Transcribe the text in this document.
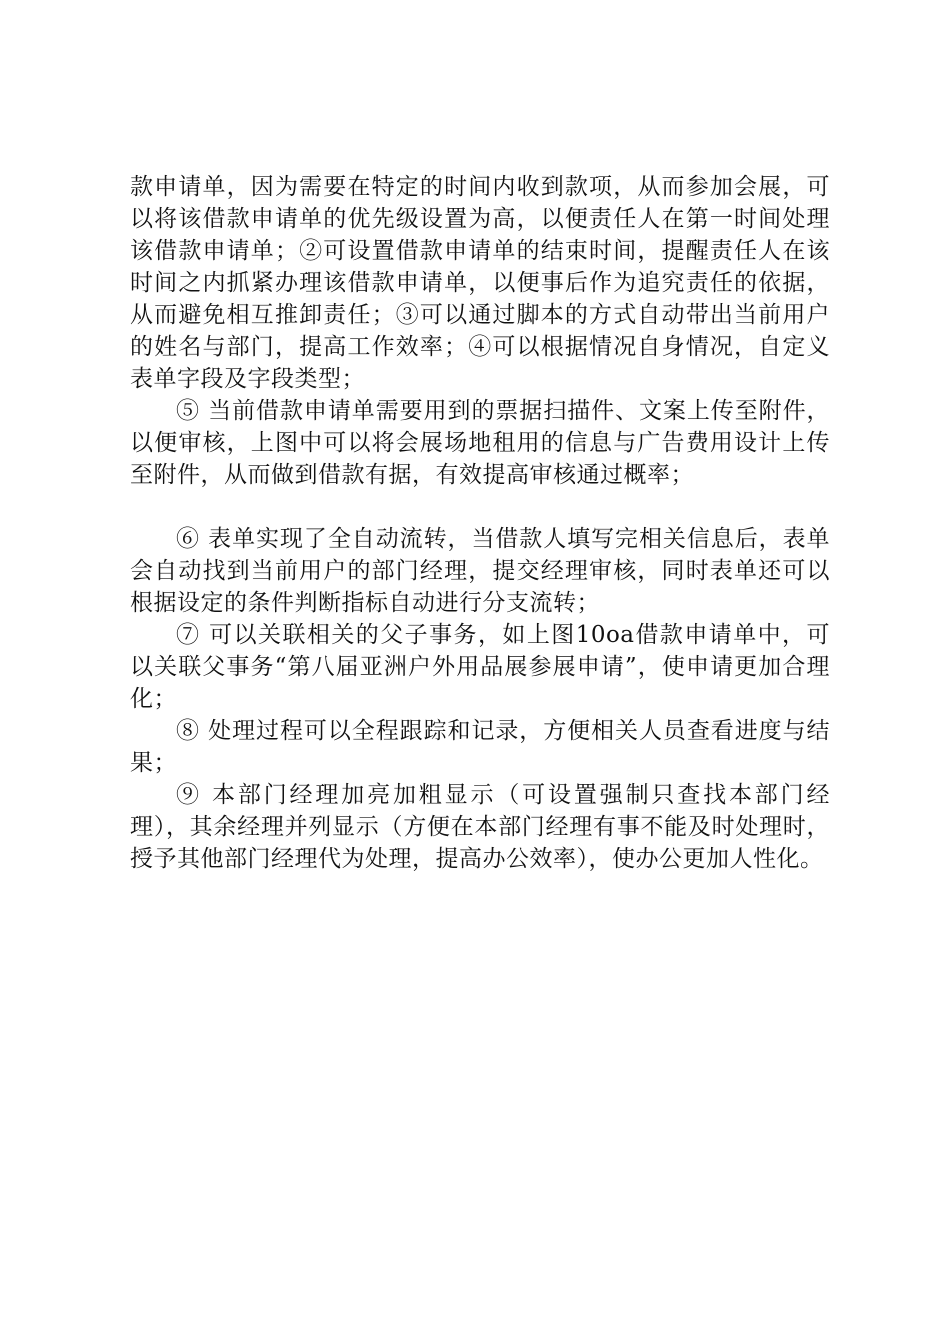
款申请单，因为需要在特定的时间内收到款项，从而参加会展，可以将该借款申请单的优先级设置为高，以便责任人在第一时间处理该借款申请单；②可设置借款申请单的结束时间，提醒责任人在该时间之内抓紧办理该借款申请单，以便事后作为追究责任的依据，从而避免相互推卸责任；③可以通过脚本的方式自动带出当前用户的姓名与部门，提高工作效率；④可以根据情况自身情况，自定义表单字段及字段类型；

⑤ 当前借款申请单需要用到的票据扫描件、文案上传至附件，以便审核，上图中可以将会展场地租用的信息与广告费用设计上传至附件，从而做到借款有据，有效提高审核通过概率；

⑥ 表单实现了全自动流转，当借款人填写完相关信息后，表单会自动找到当前用户的部门经理，提交经理审核，同时表单还可以根据设定的条件判断指标自动进行分支流转；

⑦ 可以关联相关的父子事务，如上图10oa借款申请单中，可以关联父事务“第八届亚洲户外用品展参展申请”，使申请更加合理化；

⑧ 处理过程可以全程跟踪和记录，方便相关人员查看进度与结果；

⑨ 本部门经理加亮加粗显示（可设置强制只查找本部门经理），其余经理并列显示（方便在本部门经理有事不能及时处理时，授予其他部门经理代为处理，提高办公效率），使办公更加人性化。
